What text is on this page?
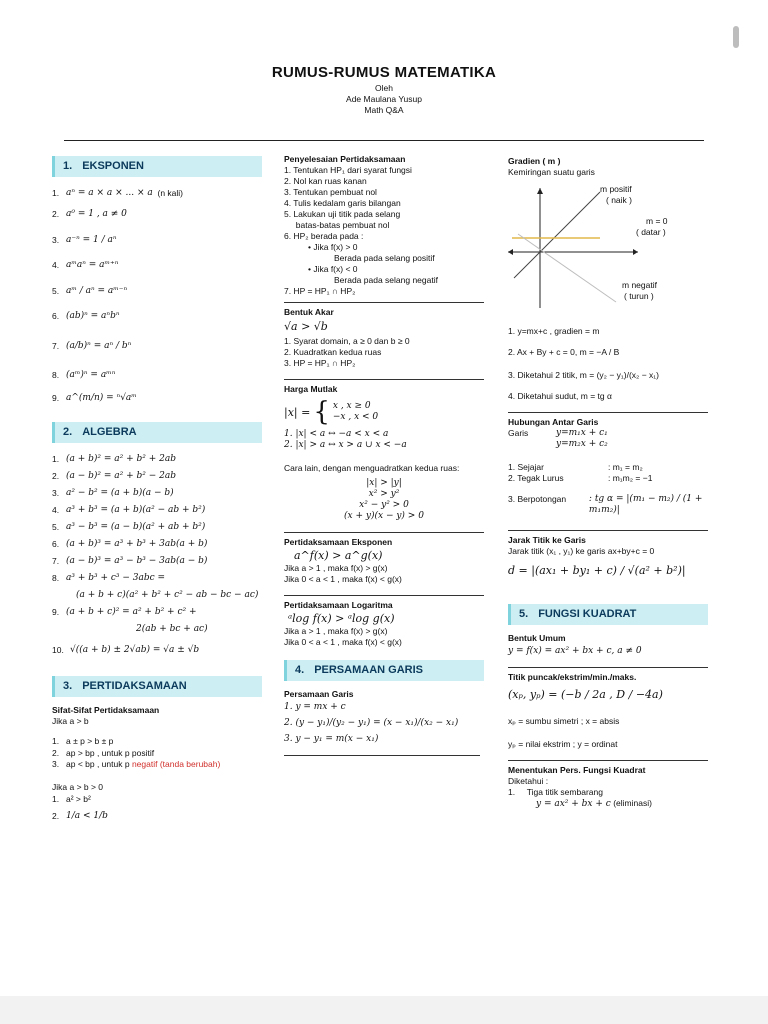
RUMUS-RUMUS MATEMATIKA
Oleh
Ade Maulana Yusup
Math Q&A
1. EKSPONEN
1. aⁿ = a × a × ... × a
(n kali)
2. a⁰ = 1 , a ≠ 0
3. a⁻ⁿ = 1 / aⁿ
4. aᵐaⁿ = aᵐ⁺ⁿ
5. aᵐ / aⁿ = aᵐ⁻ⁿ
6. (ab)ⁿ = aⁿbⁿ
7. (a/b)ⁿ = aⁿ / bⁿ
8. (aᵐ)ⁿ = aᵐⁿ
9. a^(m/n) = ⁿ√aᵐ
2. ALGEBRA
1. (a + b)² = a² + b² + 2ab
2. (a − b)² = a² + b² − 2ab
3. a² − b² = (a + b)(a − b)
4. a³ + b³ = (a + b)(a² − ab + b²)
5. a³ − b³ = (a − b)(a² + ab + b²)
6. (a + b)³ = a³ + b³ + 3ab(a + b)
7. (a − b)³ = a³ − b³ − 3ab(a − b)
8. a³ + b³ + c³ − 3abc =
(a + b + c)(a² + b² + c² − ab − bc − ac)
9. (a + b + c)² = a² + b² + c² +
2(ab + bc + ac)
10. √((a + b) ± 2√ab) = √a ± √b
3. PERTIDAKSAMAAN
Sifat-Sifat Pertidaksamaan
Jika a > b
1. a ± p > b ± p
2. ap > bp , untuk p positif
3. ap < bp , untuk p negatif (tanda berubah)
Jika a > b > 0
1. a² > b²
2. 1/a < 1/b
Penyelesaian Pertidaksamaan
1. Tentukan HP₁ dari syarat fungsi
2. Nol kan ruas kanan
3. Tentukan pembuat nol
4. Tulis kedalam garis bilangan
5. Lakukan uji titik pada selang
batas-batas pembuat nol
6. HP₂ berada pada :
• Jika f(x) > 0
Berada pada selang positif
• Jika f(x) < 0
Berada pada selang negatif
7. HP = HP₁ ∩ HP₂
Bentuk Akar
√a > √b
1. Syarat domain, a ≥ 0 dan b ≥ 0
2. Kuadratkan kedua ruas
3. HP = HP₁ ∩ HP₂
Harga Mutlak
|x| = { x , x ≥ 0
−x , x < 0
1. |x| < a ↔ −a < x < a
2. |x| > a ↔ x > a ∪ x < −a
Cara lain, dengan menguadratkan kedua ruas:
|x| > |y|
x² > y²
x² − y² > 0
(x + y)(x − y) > 0
Pertidaksamaan Eksponen
a^f(x) > a^g(x)
Jika a > 1 , maka f(x) > g(x)
Jika 0 < a < 1 , maka f(x) < g(x)
Pertidaksamaan Logaritma
ᵃlog f(x) > ᵃlog g(x)
Jika a > 1 , maka f(x) > g(x)
Jika 0 < a < 1 , maka f(x) < g(x)
4. PERSAMAAN GARIS
Persamaan Garis
1. y = mx + c
2. (y − y₁)/(y₂ − y₁) = (x − x₁)/(x₂ − x₁)
3. y − y₁ = m(x − x₁)
Gradien ( m )
Kemiringan suatu garis
m positif
( naik )
m = 0
( datar )
m negatif
( turun )
1. y=mx+c , gradien = m
2. Ax + By + c = 0, m = −A / B
3. Diketahui 2 titik, m = (y₂ − y₁)/(x₂ − x₁)
4. Diketahui sudut, m = tg α
Hubungan Antar Garis
Garis	y=m₁x + c₁
y=m₂x + c₂
1. Sejajar	: m₁ = m₂
2. Tegak Lurus	: m₁m₂ = −1
3. Berpotongan	: tg α = |(m₁ − m₂) / (1 + m₁m₂)|
Jarak Titik ke Garis
Jarak titik (x₁ , y₁) ke garis ax+by+c = 0
d = |(ax₁ + by₁ + c) / √(a² + b²)|
5. FUNGSI KUADRAT
Bentuk Umum
y = f(x) = ax² + bx + c, a ≠ 0
Titik puncak/ekstrim/min./maks.
(xₚ, yₚ) = (−b / 2a , D / −4a)
xₚ = sumbu simetri ; x = absis
yₚ = nilai ekstrim ; y = ordinat
Menentukan Pers. Fungsi Kuadrat
Diketahui :
1.     Tiga titik sembarang
y = ax² + bx + c (eliminasi)
